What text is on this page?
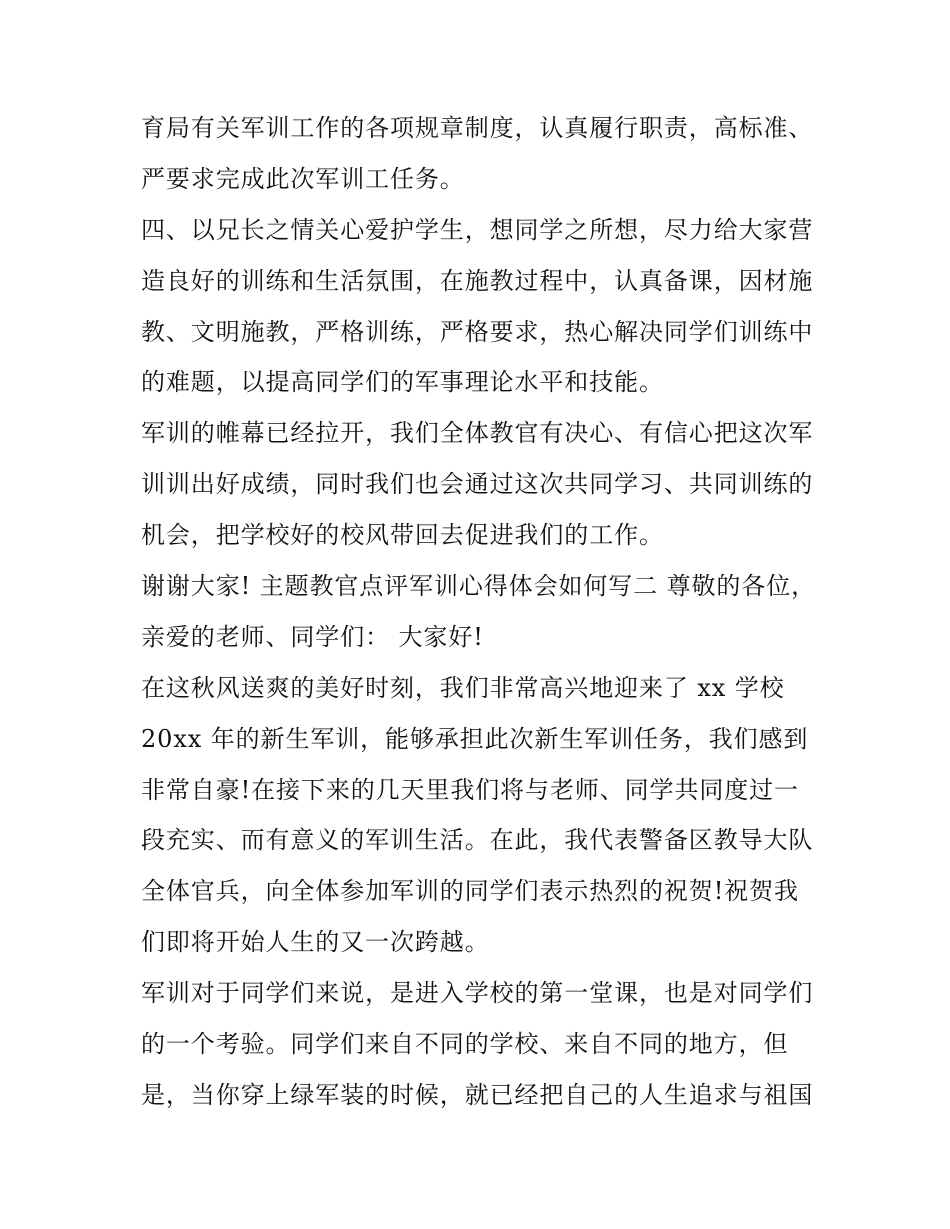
育局有关军训工作的各项规章制度，认真履行职责，高标准、
严要求完成此次军训工任务。
四、以兄长之情关心爱护学生，想同学之所想，尽力给大家营
造良好的训练和生活氛围，在施教过程中，认真备课，因材施
教、文明施教，严格训练，严格要求，热心解决同学们训练中
的难题，以提高同学们的军事理论水平和技能。
军训的帷幕已经拉开，我们全体教官有决心、有信心把这次军
训训出好成绩，同时我们也会通过这次共同学习、共同训练的
机会，把学校好的校风带回去促进我们的工作。
谢谢大家! 主题教官点评军训心得体会如何写二 尊敬的各位，
亲爱的老师、同学们： 大家好!
在这秋风送爽的美好时刻，我们非常高兴地迎来了 xx 学校
20xx 年的新生军训，能够承担此次新生军训任务，我们感到
非常自豪!在接下来的几天里我们将与老师、同学共同度过一
段充实、而有意义的军训生活。在此，我代表警备区教导大队
全体官兵，向全体参加军训的同学们表示热烈的祝贺!祝贺我
们即将开始人生的又一次跨越。
军训对于同学们来说，是进入学校的第一堂课，也是对同学们
的一个考验。同学们来自不同的学校、来自不同的地方，但
是，当你穿上绿军装的时候，就已经把自己的人生追求与祖国
